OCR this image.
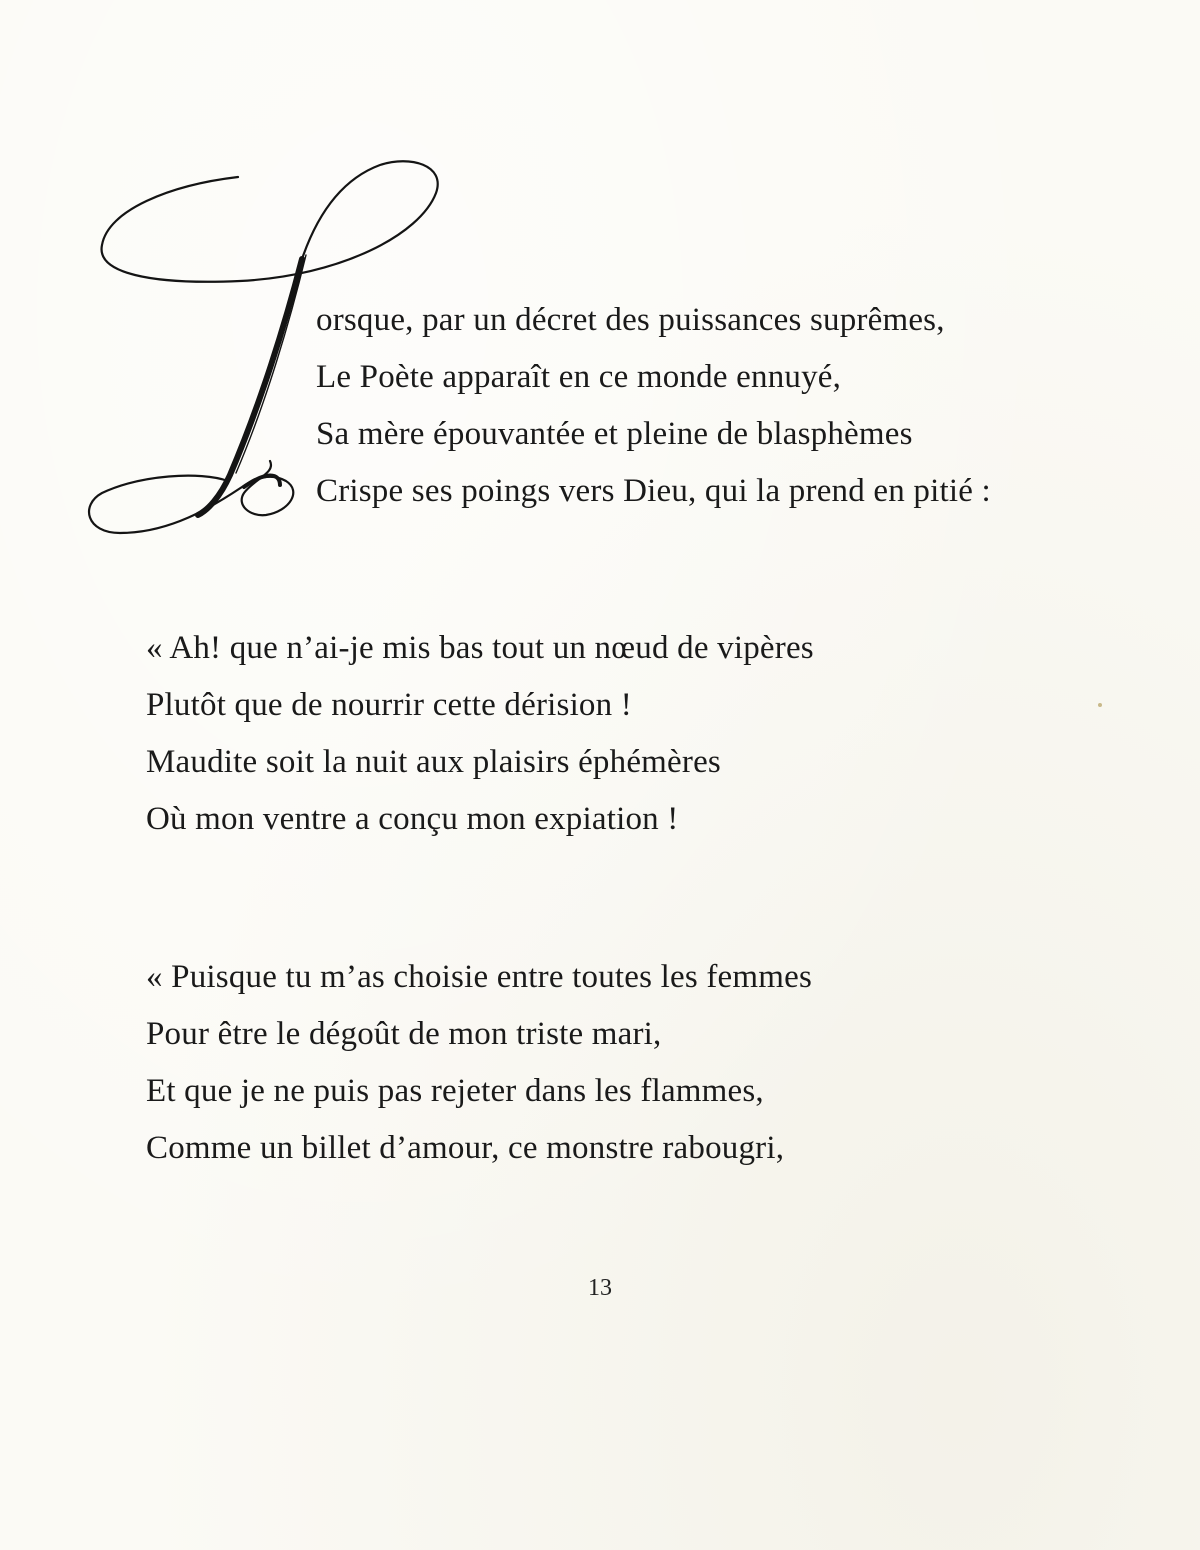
orsque, par un décret des puissances suprêmes,
Le Poète apparaît en ce monde ennuyé,
Sa mère épouvantée et pleine de blasphèmes
Crispe ses poings vers Dieu, qui la prend en pitié :
« Ah! que n’ai-je mis bas tout un nœud de vipères
Plutôt que de nourrir cette dérision !
Maudite soit la nuit aux plaisirs éphémères
Où mon ventre a conçu mon expiation !
« Puisque tu m’as choisie entre toutes les femmes
Pour être le dégoût de mon triste mari,
Et que je ne puis pas rejeter dans les flammes,
Comme un billet d’amour, ce monstre rabougri,
13
